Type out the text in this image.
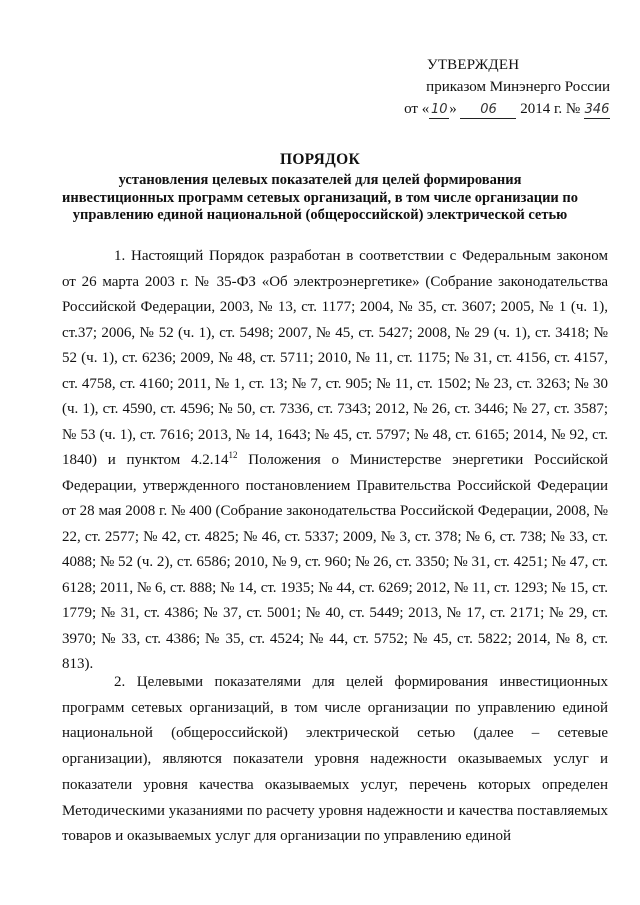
УТВЕРЖДЕН
приказом Минэнерго России
от « 10 » 06 2014 г. № 346
ПОРЯДОК
установления целевых показателей для целей формирования инвестиционных программ сетевых организаций, в том числе организации по управлению единой национальной (общероссийской) электрической сетью
1. Настоящий Порядок разработан в соответствии с Федеральным законом от 26 марта 2003 г. № 35-ФЗ «Об электроэнергетике» (Собрание законодательства Российской Федерации, 2003, № 13, ст. 1177; 2004, № 35, ст. 3607; 2005, № 1 (ч. 1), ст.37; 2006, № 52 (ч. 1), ст. 5498; 2007, № 45, ст. 5427; 2008, № 29 (ч. 1), ст. 3418; № 52 (ч. 1), ст. 6236; 2009, № 48, ст. 5711; 2010, № 11, ст. 1175; № 31, ст. 4156, ст. 4157, ст. 4758, ст. 4160; 2011, № 1, ст. 13; № 7, ст. 905; № 11, ст. 1502; № 23, ст. 3263; № 30 (ч. 1), ст. 4590, ст. 4596; № 50, ст. 7336, ст. 7343; 2012, № 26, ст. 3446; № 27, ст. 3587; № 53 (ч. 1), ст. 7616; 2013, № 14, 1643; № 45, ст. 5797; № 48, ст. 6165; 2014, № 92, ст. 1840) и пунктом 4.2.14$^{12}$ Положения о Министерстве энергетики Российской Федерации, утвержденного постановлением Правительства Российской Федерации от 28 мая 2008 г. № 400 (Собрание законодательства Российской Федерации, 2008, № 22, ст. 2577; № 42, ст. 4825; № 46, ст. 5337; 2009, № 3, ст. 378; № 6, ст. 738; № 33, ст. 4088; № 52 (ч. 2), ст. 6586; 2010, № 9, ст. 960; № 26, ст. 3350; № 31, ст. 4251; № 47, ст. 6128; 2011, № 6, ст. 888; № 14, ст. 1935; № 44, ст. 6269; 2012, № 11, ст. 1293; № 15, ст. 1779; № 31, ст. 4386; № 37, ст. 5001; № 40, ст. 5449; 2013, № 17, ст. 2171; № 29, ст. 3970; № 33, ст. 4386; № 35, ст. 4524; № 44, ст. 5752; № 45, ст. 5822; 2014, № 8, ст. 813).
2. Целевыми показателями для целей формирования инвестиционных программ сетевых организаций, в том числе организации по управлению единой национальной (общероссийской) электрической сетью (далее – сетевые организации), являются показатели уровня надежности оказываемых услуг и показатели уровня качества оказываемых услуг, перечень которых определен Методическими указаниями по расчету уровня надежности и качества поставляемых товаров и оказываемых услуг для организации по управлению единой
